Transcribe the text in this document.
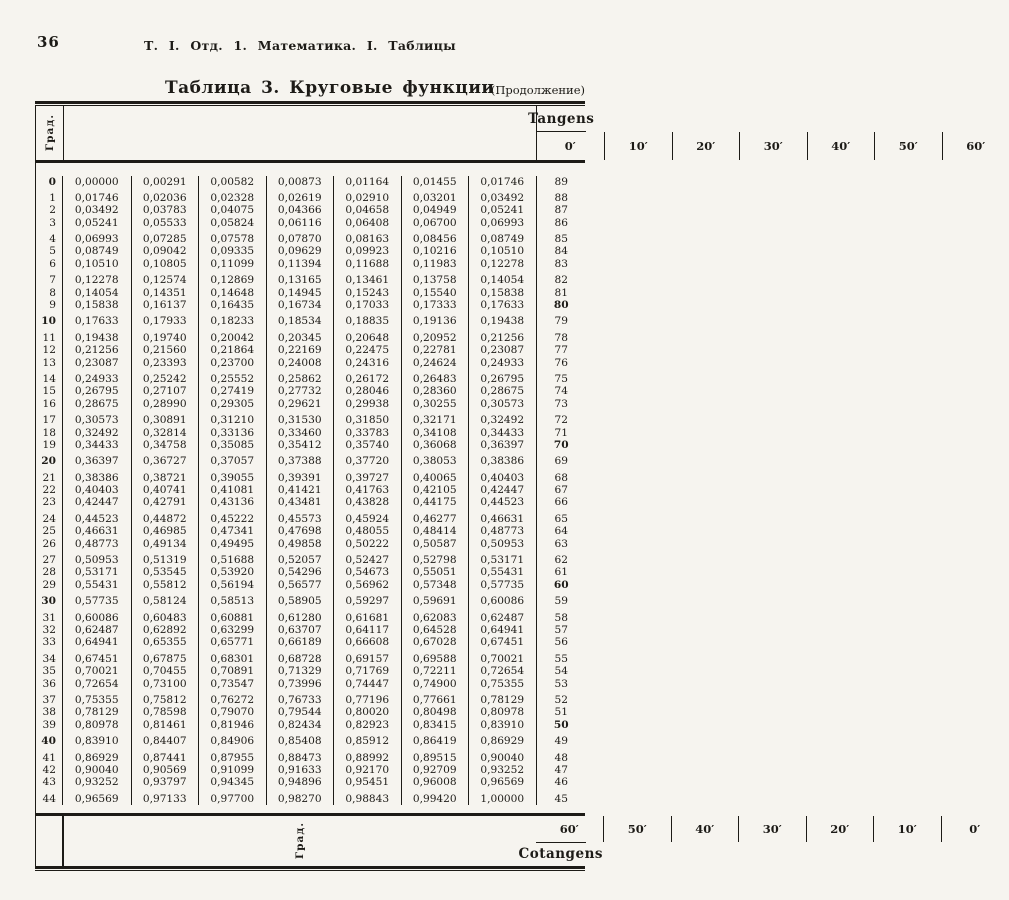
36	Т. I. Отд. 1. Математика. I. Таблицы
Таблица 3. Круговые функции
(Продолжение)
Град.	Tangens
0′	10′	20′	30′	40′	50′	60′
0	0,00000	0,00291	0,00582	0,00873	0,01164	0,01455	0,01746	89
1	0,01746	0,02036	0,02328	0,02619	0,02910	0,03201	0,03492	88
2	0,03492	0,03783	0,04075	0,04366	0,04658	0,04949	0,05241	87
3	0,05241	0,05533	0,05824	0,06116	0,06408	0,06700	0,06993	86
4	0,06993	0,07285	0,07578	0,07870	0,08163	0,08456	0,08749	85
5	0,08749	0,09042	0,09335	0,09629	0,09923	0,10216	0,10510	84
6	0,10510	0,10805	0,11099	0,11394	0,11688	0,11983	0,12278	83
7	0,12278	0,12574	0,12869	0,13165	0,13461	0,13758	0,14054	82
8	0,14054	0,14351	0,14648	0,14945	0,15243	0,15540	0,15838	81
9	0,15838	0,16137	0,16435	0,16734	0,17033	0,17333	0,17633	80
10	0,17633	0,17933	0,18233	0,18534	0,18835	0,19136	0,19438	79
11	0,19438	0,19740	0,20042	0,20345	0,20648	0,20952	0,21256	78
12	0,21256	0,21560	0,21864	0,22169	0,22475	0,22781	0,23087	77
13	0,23087	0,23393	0,23700	0,24008	0,24316	0,24624	0,24933	76
14	0,24933	0,25242	0,25552	0,25862	0,26172	0,26483	0,26795	75
15	0,26795	0,27107	0,27419	0,27732	0,28046	0,28360	0,28675	74
16	0,28675	0,28990	0,29305	0,29621	0,29938	0,30255	0,30573	73
17	0,30573	0,30891	0,31210	0,31530	0,31850	0,32171	0,32492	72
18	0,32492	0,32814	0,33136	0,33460	0,33783	0,34108	0,34433	71
19	0,34433	0,34758	0,35085	0,35412	0,35740	0,36068	0,36397	70
20	0,36397	0,36727	0,37057	0,37388	0,37720	0,38053	0,38386	69
21	0,38386	0,38721	0,39055	0,39391	0,39727	0,40065	0,40403	68
22	0,40403	0,40741	0,41081	0,41421	0,41763	0,42105	0,42447	67
23	0,42447	0,42791	0,43136	0,43481	0,43828	0,44175	0,44523	66
24	0,44523	0,44872	0,45222	0,45573	0,45924	0,46277	0,46631	65
25	0,46631	0,46985	0,47341	0,47698	0,48055	0,48414	0,48773	64
26	0,48773	0,49134	0,49495	0,49858	0,50222	0,50587	0,50953	63
27	0,50953	0,51319	0,51688	0,52057	0,52427	0,52798	0,53171	62
28	0,53171	0,53545	0,53920	0,54296	0,54673	0,55051	0,55431	61
29	0,55431	0,55812	0,56194	0,56577	0,56962	0,57348	0,57735	60
30	0,57735	0,58124	0,58513	0,58905	0,59297	0,59691	0,60086	59
31	0,60086	0,60483	0,60881	0,61280	0,61681	0,62083	0,62487	58
32	0,62487	0,62892	0,63299	0,63707	0,64117	0,64528	0,64941	57
33	0,64941	0,65355	0,65771	0,66189	0,66608	0,67028	0,67451	56
34	0,67451	0,67875	0,68301	0,68728	0,69157	0,69588	0,70021	55
35	0,70021	0,70455	0,70891	0,71329	0,71769	0,72211	0,72654	54
36	0,72654	0,73100	0,73547	0,73996	0,74447	0,74900	0,75355	53
37	0,75355	0,75812	0,76272	0,76733	0,77196	0,77661	0,78129	52
38	0,78129	0,78598	0,79070	0,79544	0,80020	0,80498	0,80978	51
39	0,80978	0,81461	0,81946	0,82434	0,82923	0,83415	0,83910	50
40	0,83910	0,84407	0,84906	0,85408	0,85912	0,86419	0,86929	49
41	0,86929	0,87441	0,87955	0,88473	0,88992	0,89515	0,90040	48
42	0,90040	0,90569	0,91099	0,91633	0,92170	0,92709	0,93252	47
43	0,93252	0,93797	0,94345	0,94896	0,95451	0,96008	0,96569	46
44	0,96569	0,97133	0,97700	0,98270	0,98843	0,99420	1,00000	45
60′	50′	40′	30′	20′	10′	0′
Cotangens
Град.
